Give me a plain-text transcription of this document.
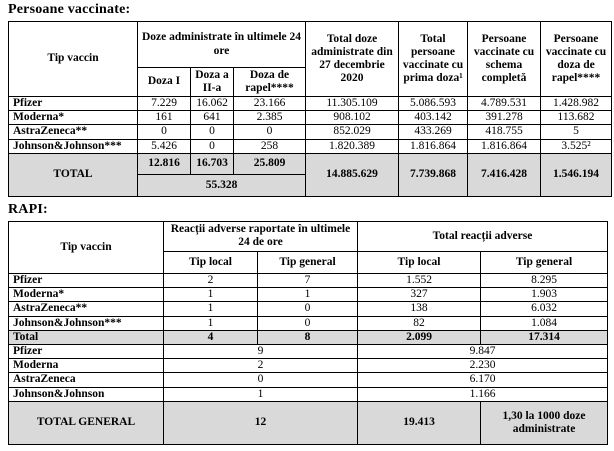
Persoane vaccinate:
Tip vaccin	Doze administrate în ultimele 24 ore			Total doze administrate din 27 decembrie 2020	Total persoane vaccinate cu prima doza¹	Persoane vaccinate cu schema completă	Persoane vaccinate cu doza de rapel****
	Doza I	Doza a II-a	Doza de rapel****				
Pfizer	7.229	16.062	23.166	11.305.109	5.086.593	4.789.531	1.428.982
Moderna*	161	641	2.385	908.102	403.142	391.278	113.682
AstraZeneca**	0	0	0	852.029	433.269	418.755	5
Johnson&Johnson***	5.426	0	258	1.820.389	1.816.864	1.816.864	3.525²
TOTAL	12.816	16.703	25.809	14.885.629	7.739.868	7.416.428	1.546.194
	55.328						
RAPI:
Tip vaccin	Reacții adverse raportate în ultimele 24 de ore		Total reacții adverse	
	Tip local	Tip general	Tip local	Tip general
Pfizer	2	7	1.552	8.295
Moderna*	1	1	327	1.903
AstraZeneca**	1	0	138	6.032
Johnson&Johnson***	1	0	82	1.084
Total	4	8	2.099	17.314
Pfizer	9		9.847	
Moderna	2		2.230	
AstraZeneca	0		6.170	
Johnson&Johnson	1		1.166	
TOTAL GENERAL	12		19.413	1,30 la 1000 doze administrate
